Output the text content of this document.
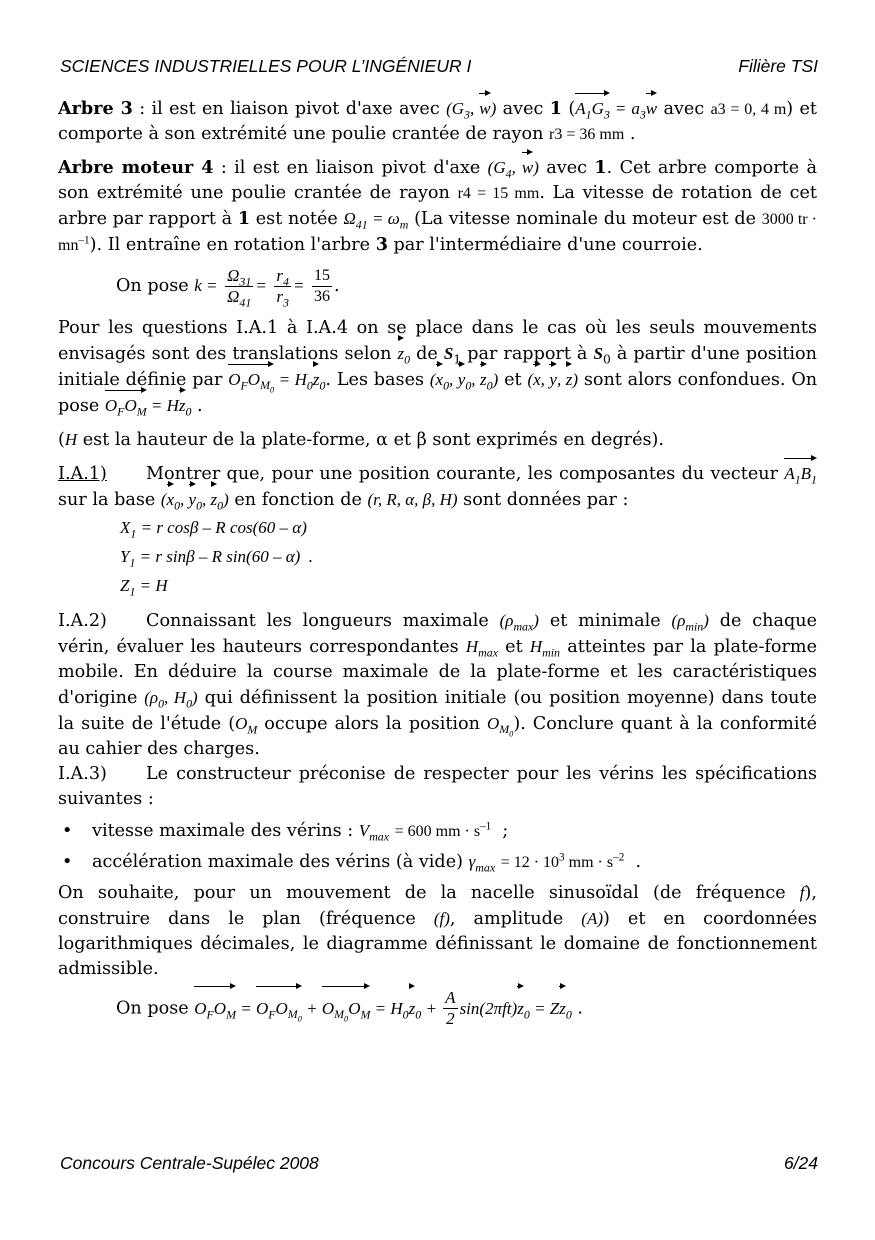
SCIENCES INDUSTRIELLES POUR L’INGÉNIEUR I	Filière TSI

Arbre 3 : il est en liaison pivot d'axe avec ($G_3$, w) avec 1 ($A_1G_3 = a_3w$ avec a3 = 0, 4 m) et comporte à son extrémité une poulie crantée de rayon r3 = 36 mm .

Arbre moteur 4 : il est en liaison pivot d'axe ($G_4$, w) avec 1. Cet arbre comporte à son extrémité une poulie crantée de rayon r4 = 15 mm. La vitesse de rotation de cet arbre par rapport à 1 est notée $\Omega_{41} = \omega_m$ (La vitesse nominale du moteur est de 3000 tr · $mn^{-1}$). Il entraîne en rotation l'arbre 3 par l'intermédiaire d'une courroie.

On pose $k = \frac{\Omega_{31}}{\Omega_{41}} = \frac{r_4}{r_3} = \frac{15}{36}$ .

Pour les questions I.A.1 à I.A.4 on se place dans le cas où les seuls mouvements envisagés sont des translations selon $z_0$ de $S_1$ par rapport à $S_0$ à partir d'une position initiale définie par $O_FO_{M_0} = H_0z_0$. Les bases ($x_0$, $y_0$, $z_0$) et (x, y, z) sont alors confondues. On pose $O_FO_M = Hz_0$ .

(H est la hauteur de la plate-forme, α et β sont exprimés en degrés).

I.A.1) Montrer que, pour une position courante, les composantes du vecteur $A_1B_1$ sur la base ($x_0$, $y_0$, $z_0$) en fonction de (r, R, α, β, H) sont données par :

$X_1 = r$ cosβ – R cos(60 – α)
$Y_1 = r$ sinβ – R sin(60 – α)  .
$Z_1 = H$

I.A.2) Connaissant les longueurs maximale $(\rho_{max})$ et minimale $(\rho_{min})$ de chaque vérin, évaluer les hauteurs correspondantes $H_{max}$ et $H_{min}$ atteintes par la plate-forme mobile. En déduire la course maximale de la plate-forme et les caractéristiques d'origine ($\rho_0$, $H_0$) qui définissent la position initiale (ou position moyenne) dans toute la suite de l'étude ($O_M$ occupe alors la position $O_{M_0}$). Conclure quant à la conformité au cahier des charges.

I.A.3) Le constructeur préconise de respecter pour les vérins les spécifications suivantes :

•	vitesse maximale des vérins : $V_{max} = 600$ mm · $s^{-1}$  ;
•	accélération maximale des vérins (à vide) $\gamma_{max} = 12 \cdot 10^3$ mm · $s^{-2}$  .

On souhaite, pour un mouvement de la nacelle sinusoïdal (de fréquence f), construire dans le plan (fréquence (f), amplitude (A)) et en coordonnées logarithmiques décimales, le diagramme définissant le domaine de fonctionnement admissible.

On pose $O_FO_M = O_FO_{M_0} + O_{M_0}O_M = H_0z_0 + \frac{A}{2} \sin(2\pi ft)z_0 = Zz_0$ .

Concours Centrale-Supélec 2008	6/24
